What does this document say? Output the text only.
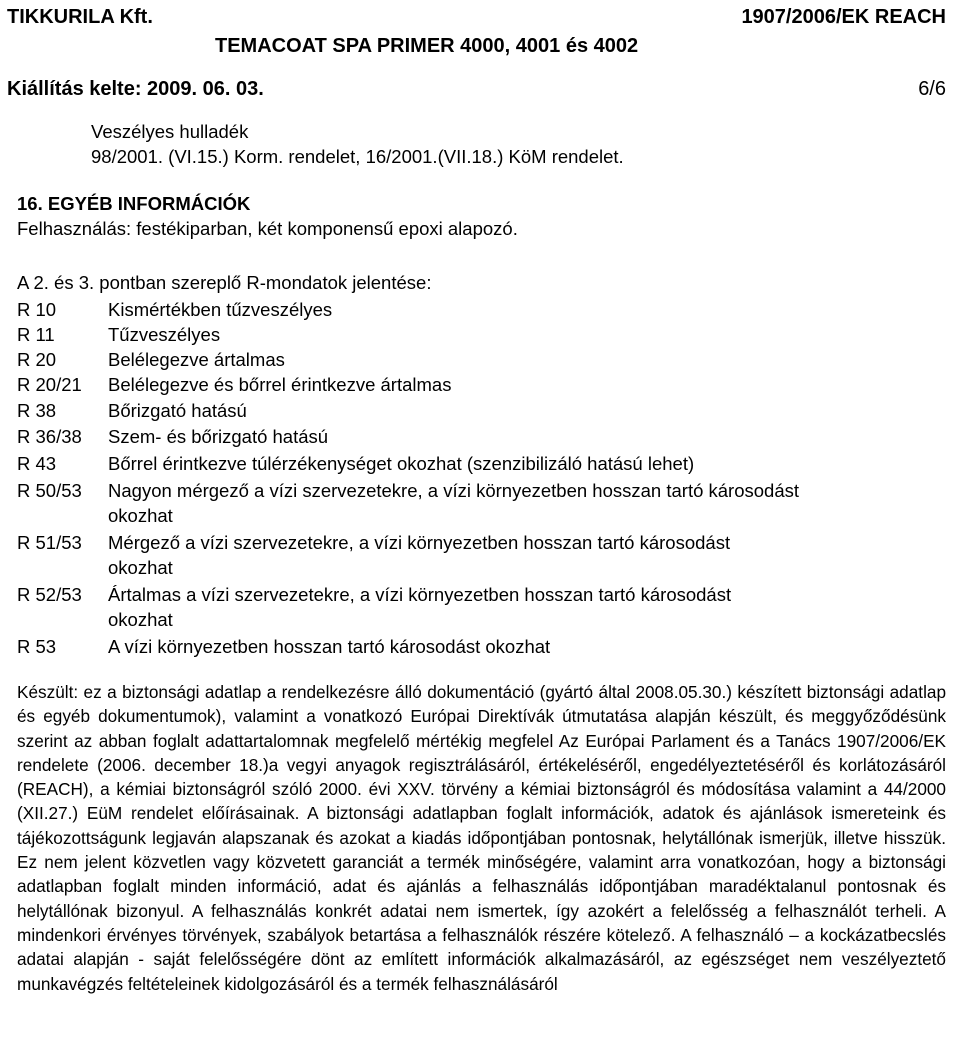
TIKKURILA Kft.	1907/2006/EK REACH
TEMACOAT SPA PRIMER 4000, 4001 és 4002
Kiállítás kelte: 2009. 06. 03.	6/6
Veszélyes hulladék
98/2001. (VI.15.) Korm. rendelet, 16/2001.(VII.18.) KöM rendelet.
16. EGYÉB INFORMÁCIÓK
Felhasználás: festékiparban, két komponensű epoxi alapozó.
A 2. és 3. pontban szereplő R-mondatok jelentése:
R 10	Kismértékben tűzveszélyes
R 11	Tűzveszélyes
R 20	Belélegezve ártalmas
R 20/21 Belélegezve és bőrrel érintkezve ártalmas
R 38	Bőrizgató hatású
R 36/38 Szem- és bőrizgató hatású
R 43	Bőrrel érintkezve túlérzékenységet okozhat (szenzibilizáló hatású lehet)
R 50/53 Nagyon mérgező a vízi szervezetekre, a vízi környezetben hosszan tartó károsodást
okozhat
R 51/53 Mérgező a vízi szervezetekre, a vízi környezetben hosszan tartó károsodást
okozhat
R 52/53 Ártalmas a vízi szervezetekre, a vízi környezetben hosszan tartó károsodást
okozhat
R 53	A vízi környezetben hosszan tartó károsodást okozhat

Készült: ez a biztonsági adatlap a rendelkezésre álló dokumentáció (gyártó által 2008.05.30.) készített biztonsági adatlap és egyéb dokumentumok), valamint a vonatkozó Európai Direktívák útmutatása alapján készült, és meggyőződésünk szerint az abban foglalt adattartalomnak megfelelő mértékig megfelel Az Európai Parlament és a Tanács 1907/2006/EK rendelete (2006. december 18.)a vegyi anyagok regisztrálásáról, értékeléséről, engedélyeztetéséről és korlátozásáról (REACH), a kémiai biztonságról szóló 2000. évi XXV. törvény a kémiai biztonságról és módosítása valamint a 44/2000 (XII.27.) EüM rendelet előírásainak. A biztonsági adatlapban foglalt információk, adatok és ajánlások ismereteink és tájékozottságunk legjaván alapszanak és azokat a kiadás időpontjában pontosnak, helytállónak ismerjük, illetve hisszük. Ez nem jelent közvetlen vagy közvetett garanciát a termék minőségére, valamint arra vonatkozóan, hogy a biztonsági adatlapban foglalt minden információ, adat és ajánlás a felhasználás időpontjában maradéktalanul pontosnak és helytállónak bizonyul. A felhasználás konkrét adatai nem ismertek, így azokért a felelősség a felhasználót terheli. A mindenkori érvényes törvények, szabályok betartása a felhasználók részére kötelező. A felhasználó – a kockázatbecslés adatai alapján - saját felelősségére dönt az említett információk alkalmazásáról, az egészséget nem veszélyeztető munkavégzés feltételeinek kidolgozásáról és a termék felhasználásáról
